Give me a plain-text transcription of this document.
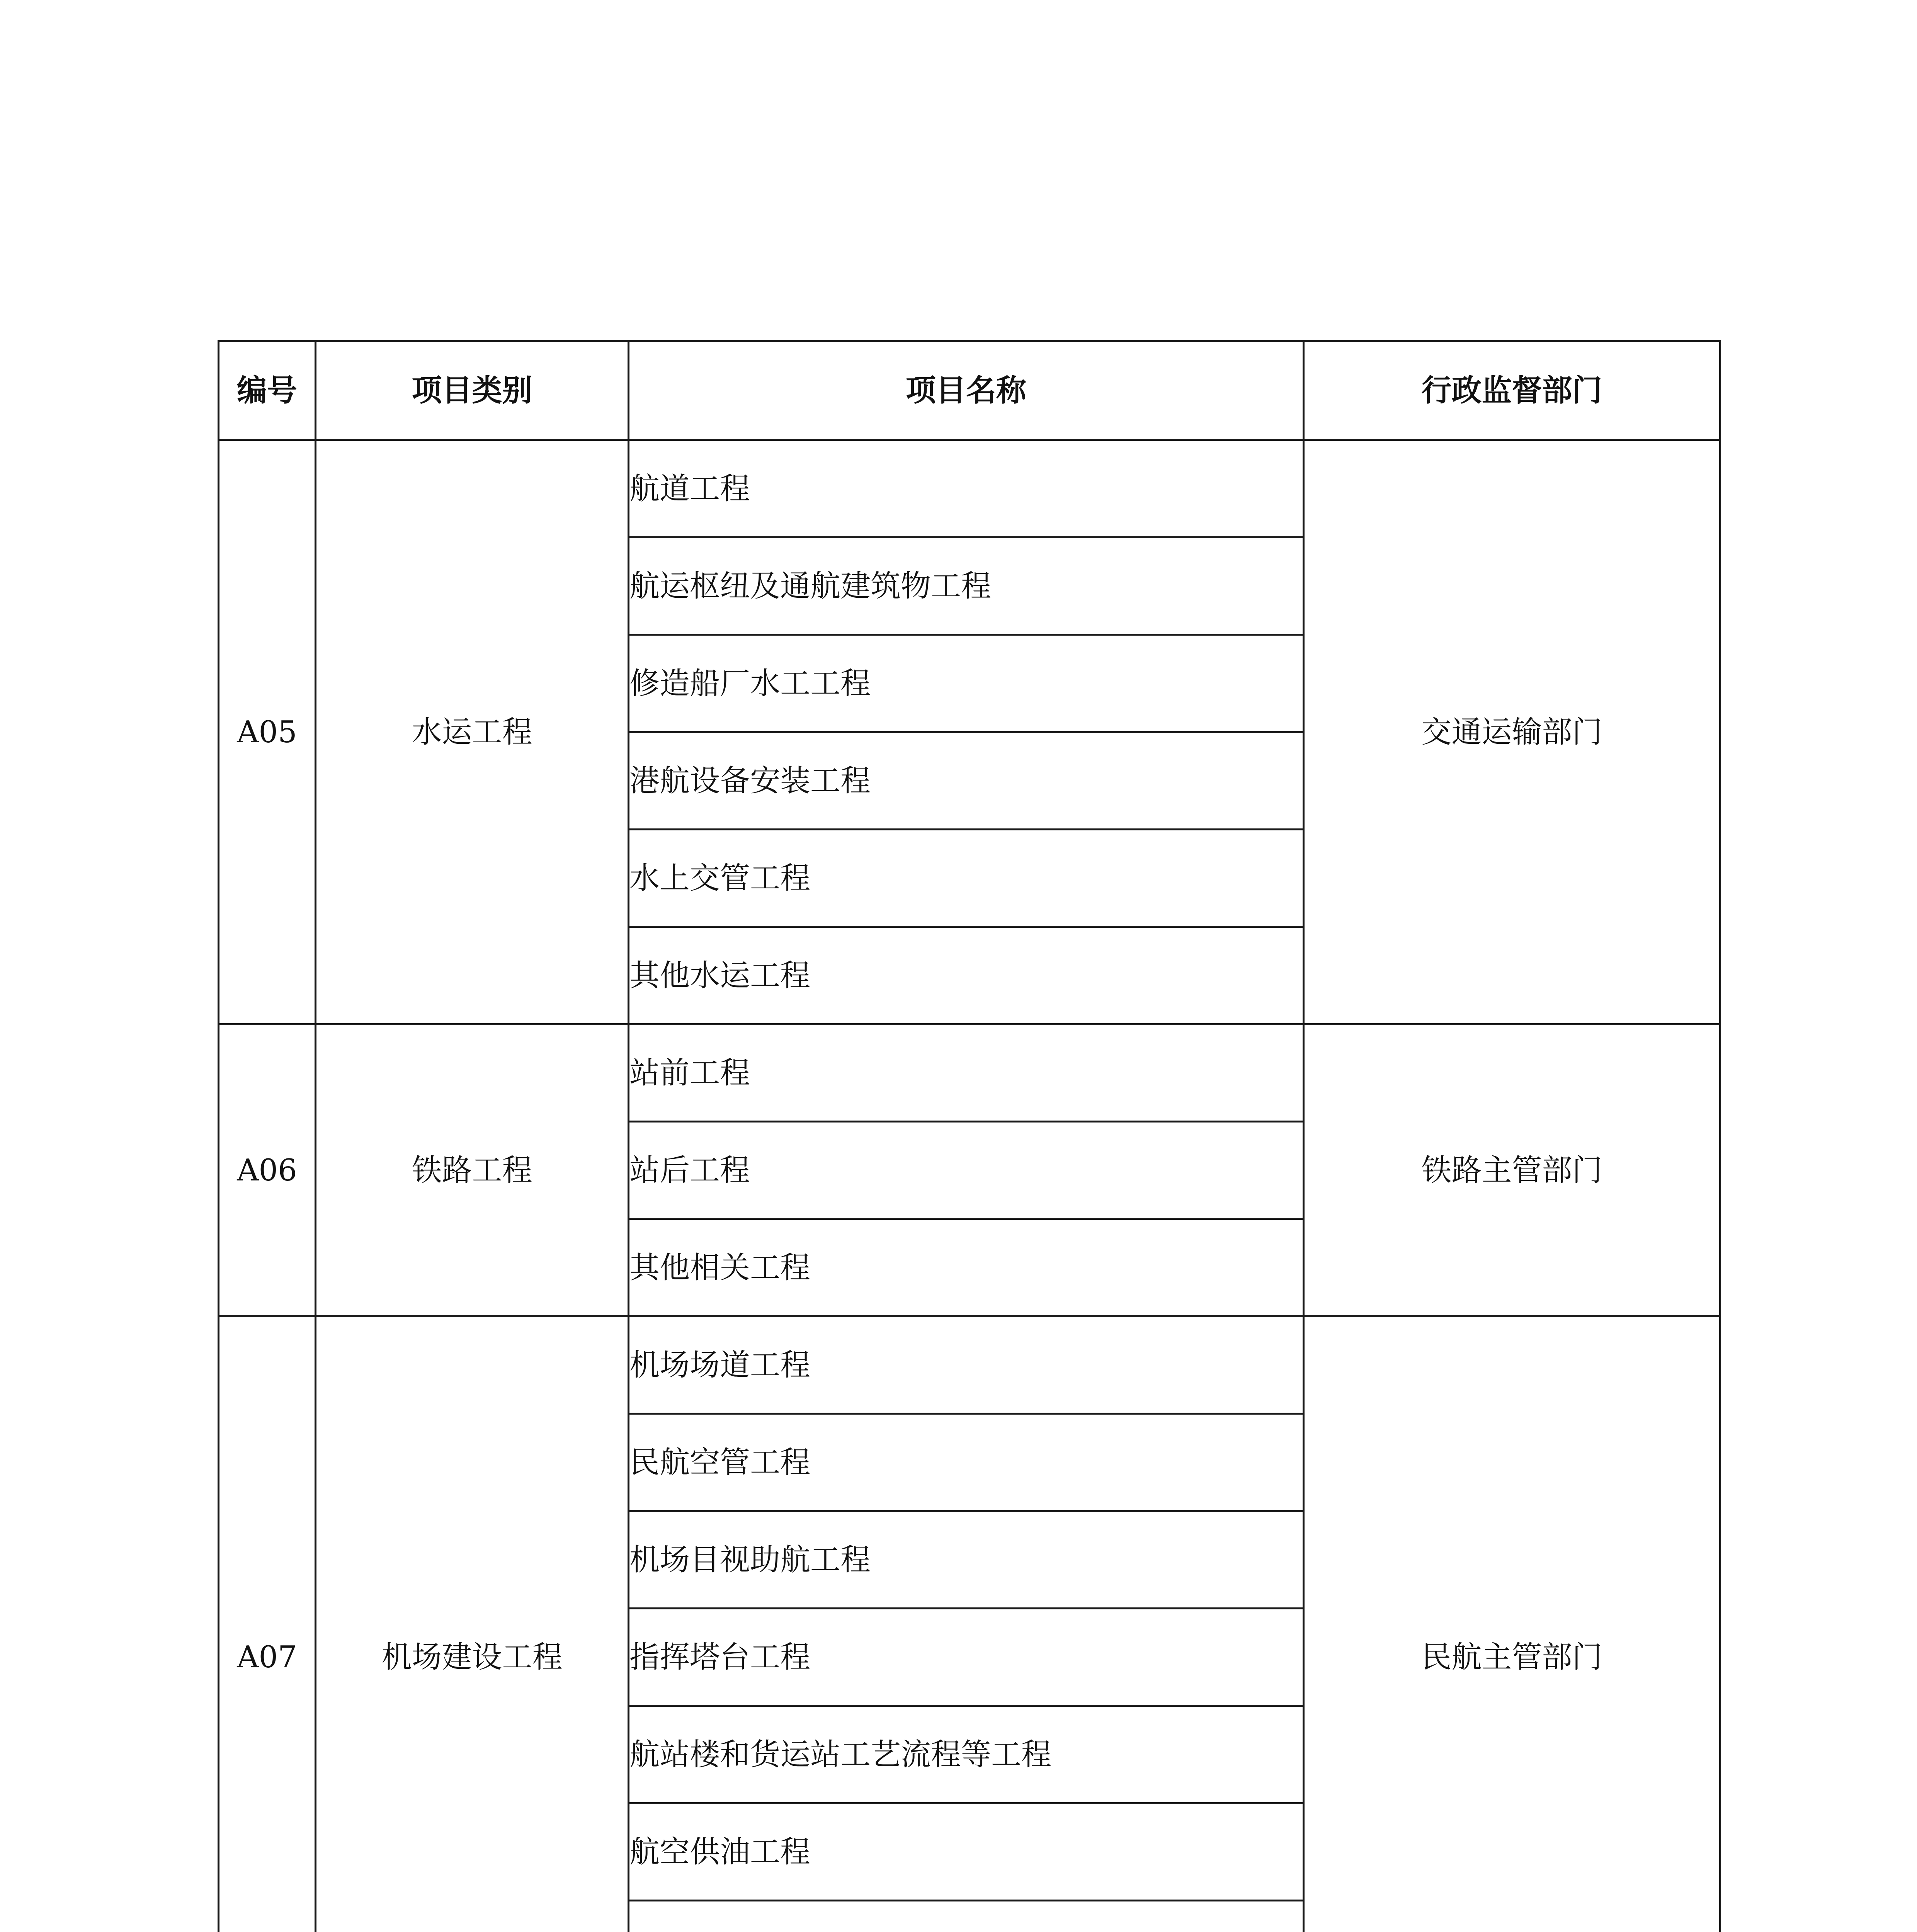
编号	项目类别	项目名称	行政监督部门
A05	水运工程	航道工程	交通运输部门
		航运枢纽及通航建筑物工程	
		修造船厂水工工程	
		港航设备安装工程	
		水上交管工程	
		其他水运工程	
A06	铁路工程	站前工程	铁路主管部门
		站后工程	
		其他相关工程	
A07	机场建设工程	机场场道工程	民航主管部门
		民航空管工程	
		机场目视助航工程	
		指挥塔台工程	
		航站楼和货运站工艺流程等工程	
		航空供油工程	
